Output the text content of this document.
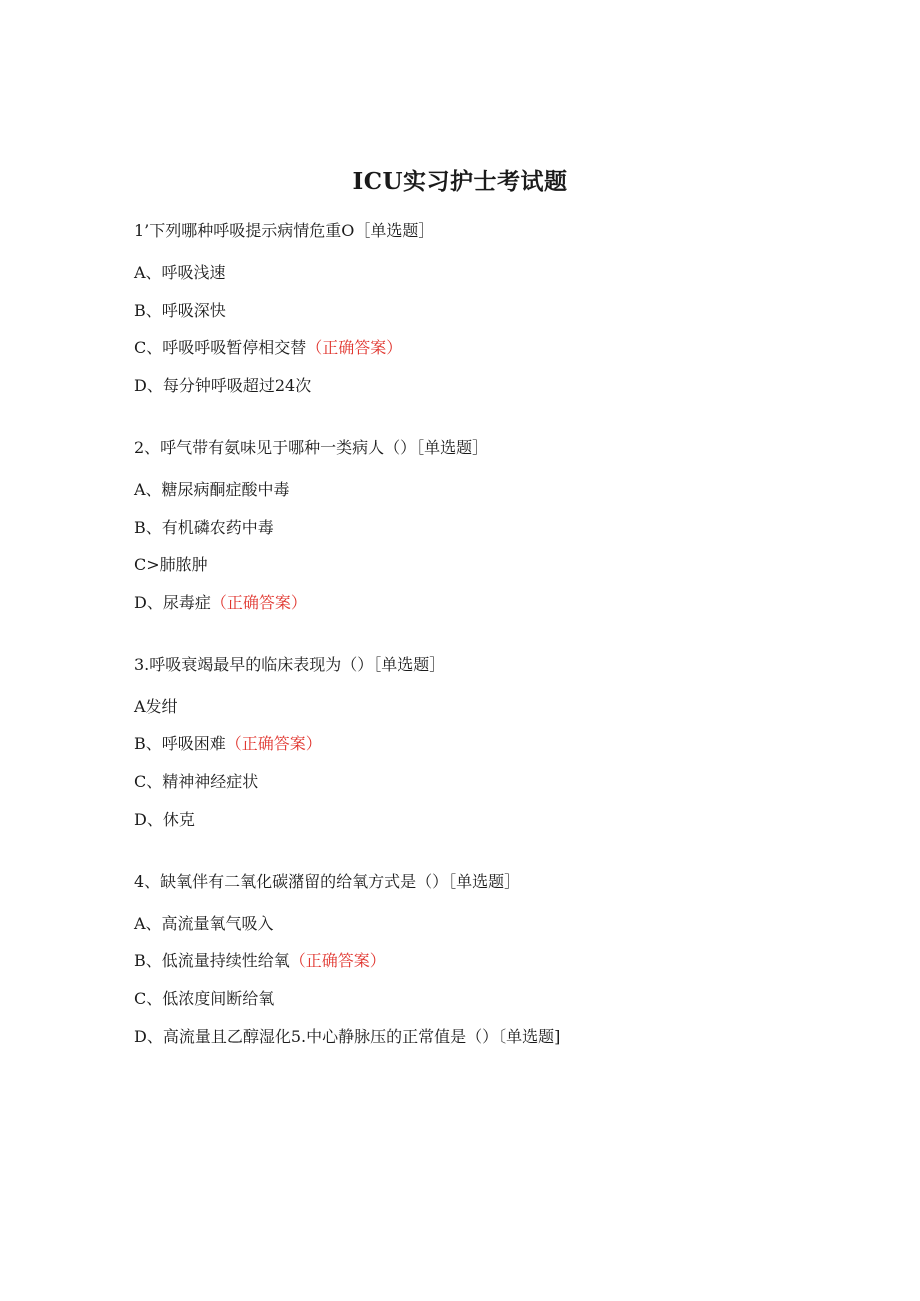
ICU实习护士考试题
1’下列哪种呼吸提示病情危重O［单选题］
A、呼吸浅速
B、呼吸深快
C、呼吸呼吸暂停相交替（正确答案）
D、每分钟呼吸超过24次
2、呼气带有氨味见于哪种一类病人（）［单选题］
A、糖尿病酮症酸中毒
B、有机磷农药中毒
C>肺脓肿
D、尿毒症（正确答案）
3.呼吸衰竭最早的临床表现为（）［单选题］
A发绀
B、呼吸困难（正确答案）
C、精神神经症状
D、休克
4、缺氧伴有二氧化碳潴留的给氧方式是（）［单选题］
A、高流量氧气吸入
B、低流量持续性给氧（正确答案）
C、低浓度间断给氧
D、高流量且乙醇湿化5.中心静脉压的正常值是（）〔单选题]
